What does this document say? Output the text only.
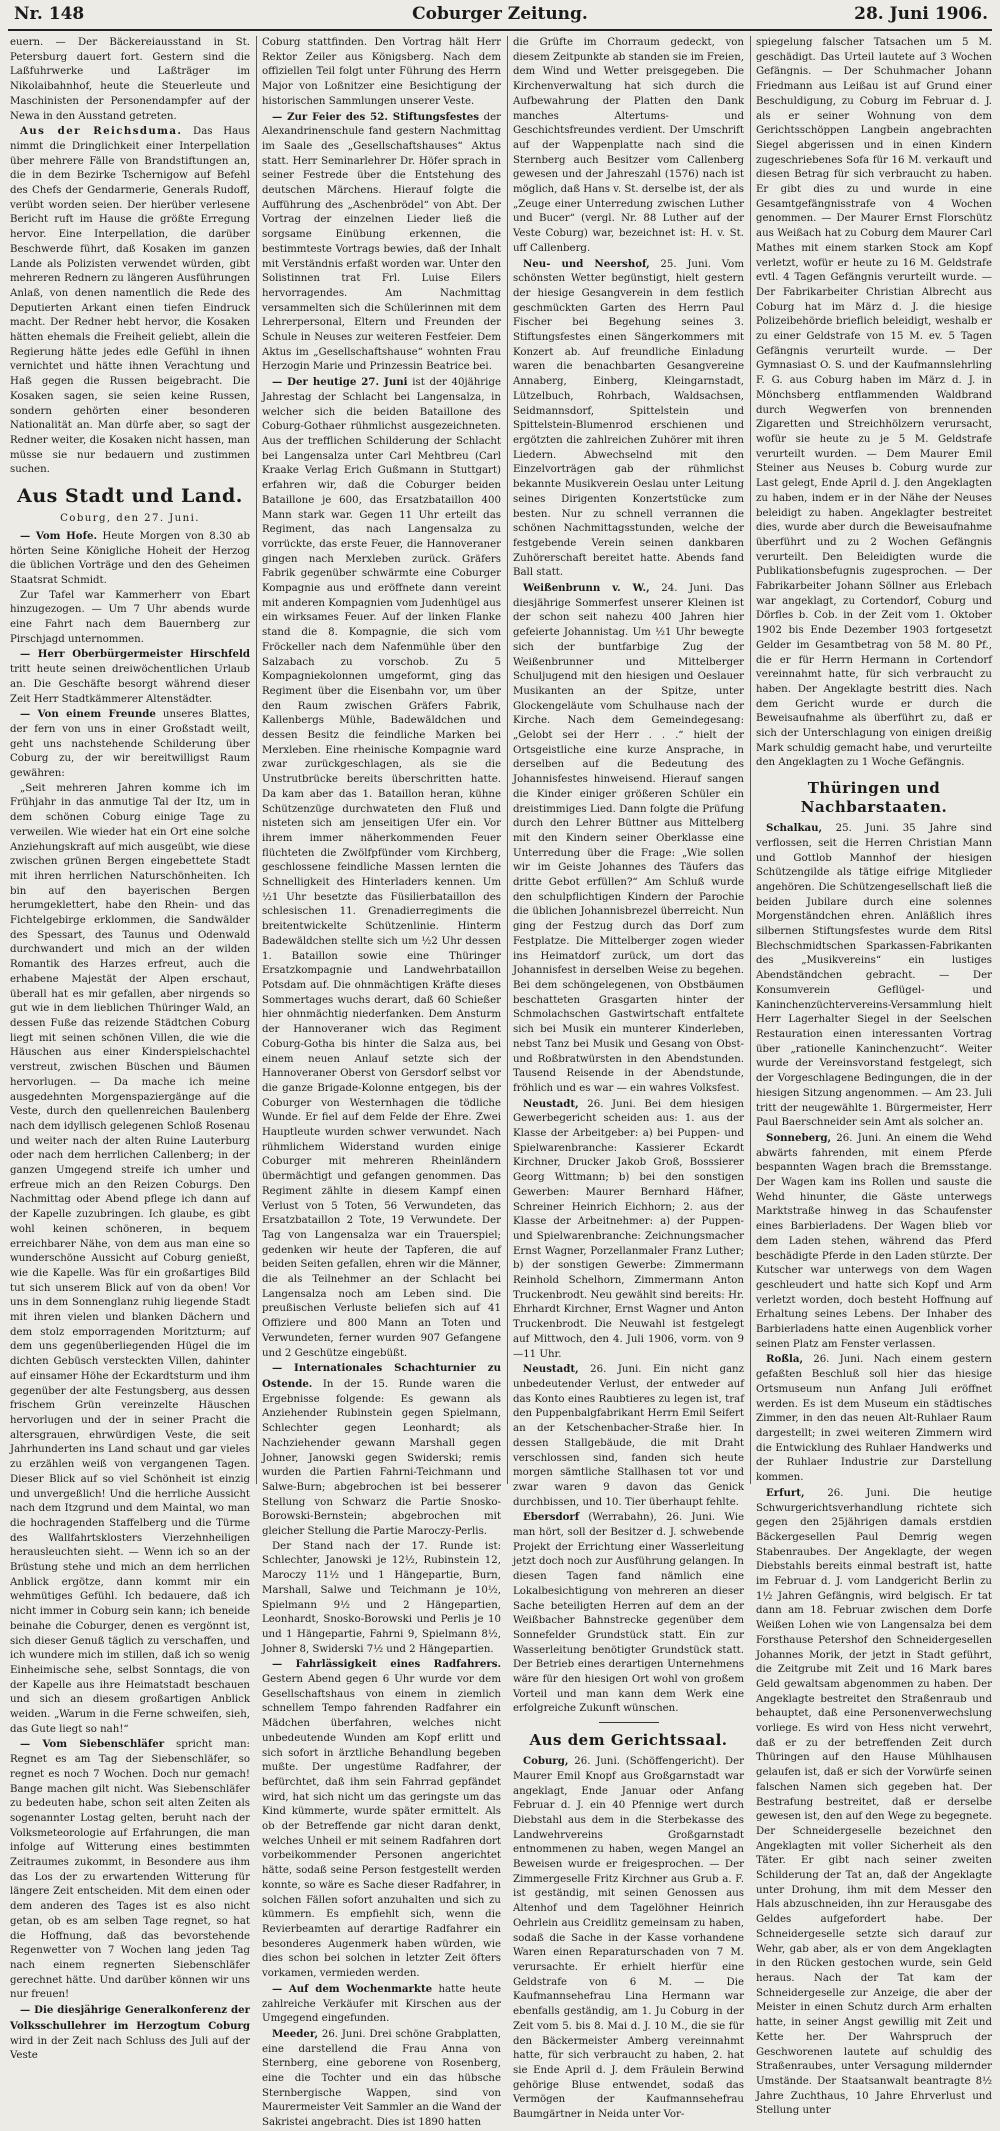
Nr. 148	Coburger Zeitung.	28. Juni 1906.

euern. — Der Bäckereiausstand in St. Petersburg dauert fort. Gestern sind die Laßfuhrwerke und Laßträger im Nikolaibahnhof, heute die Steuerleute und Maschinisten der Personendampfer auf der Newa in den Ausstand getreten.

Aus der Reichsduma. Das Haus nimmt die Dringlichkeit einer Interpellation über mehrere Fälle von Brandstiftungen an, die in dem Bezirke Tschernigow auf Befehl des Chefs der Gendarmerie, Generals Rudoff, verübt worden seien. Der hierüber verlesene Bericht ruft im Hause die größte Erregung hervor. Eine Interpellation, die darüber Beschwerde führt, daß Kosaken im ganzen Lande als Polizisten verwendet würden, gibt mehreren Rednern zu längeren Ausführungen Anlaß, von denen namentlich die Rede des Deputierten Arkant einen tiefen Eindruck macht. Der Redner hebt hervor, die Kosaken hätten ehemals die Freiheit geliebt, allein die Regierung hätte jedes edle Gefühl in ihnen vernichtet und hätte ihnen Verachtung und Haß gegen die Russen beigebracht. Die Kosaken sagen, sie seien keine Russen, sondern gehörten einer besonderen Nationalität an. Man dürfe aber, so sagt der Redner weiter, die Kosaken nicht hassen, man müsse sie nur bedauern und zustimmen suchen.

Aus Stadt und Land.
Coburg, den 27. Juni.

— Vom Hofe. Heute Morgen von 8.30 ab hörten Seine Königliche Hoheit der Herzog die üblichen Vorträge und den des Geheimen Staatsrat Schmidt.

Zur Tafel war Kammerherr von Ebart hinzugezogen. — Um 7 Uhr abends wurde eine Fahrt nach dem Bauernberg zur Pirschjagd unternommen.

— Herr Oberbürgermeister Hirschfeld tritt heute seinen dreiwöchentlichen Urlaub an. Die Geschäfte besorgt während dieser Zeit Herr Stadtkämmerer Altenstädter.

— Von einem Freunde unseres Blattes, der fern von uns in einer Großstadt weilt, geht uns nachstehende Schilderung über Coburg zu, der wir bereitwilligst Raum gewähren:

„Seit mehreren Jahren komme ich im Frühjahr in das anmutige Tal der Itz, um in dem schönen Coburg einige Tage zu verweilen. Wie wieder hat ein Ort eine solche Anziehungskraft auf mich ausgeübt, wie diese zwischen grünen Bergen eingebettete Stadt mit ihren herrlichen Naturschönheiten. Ich bin auf den bayerischen Bergen herumgeklettert, habe den Rhein- und das Fichtelgebirge erklommen, die Sandwälder des Spessart, des Taunus und Odenwald durchwandert und mich an der wilden Romantik des Harzes erfreut, auch die erhabene Majestät der Alpen erschaut, überall hat es mir gefallen, aber nirgends so gut wie in dem lieblichen Thüringer Wald, an dessen Fuße das reizende Städtchen Coburg liegt mit seinen schönen Villen, die wie die Häuschen aus einer Kinderspielschachtel verstreut, zwischen Büschen und Bäumen hervorlugen. — Da mache ich meine ausgedehnten Morgenspaziergänge auf die Veste, durch den quellenreichen Baulenberg nach dem idyllisch gelegenen Schloß Rosenau und weiter nach der alten Ruine Lauterburg oder nach dem herrlichen Callenberg; in der ganzen Umgegend streife ich umher und erfreue mich an den Reizen Coburgs. Den Nachmittag oder Abend pflege ich dann auf der Kapelle zuzubringen. Ich glaube, es gibt wohl keinen schöneren, in bequem erreichbarer Nähe, von dem aus man eine so wunderschöne Aussicht auf Coburg genießt, wie die Kapelle. Was für ein großartiges Bild tut sich unserem Blick auf von da oben! Vor uns in dem Sonnenglanz ruhig liegende Stadt mit ihren vielen und blanken Dächern und dem stolz emporragenden Moritzturm; auf dem uns gegenüberliegenden Hügel die im dichten Gebüsch versteckten Villen, dahinter auf einsamer Höhe der Eckardtsturm und ihm gegenüber der alte Festungsberg, aus dessen frischem Grün vereinzelte Häuschen hervorlugen und der in seiner Pracht die altersgrauen, ehrwürdigen Veste, die seit Jahrhunderten ins Land schaut und gar vieles zu erzählen weiß von vergangenen Tagen. Dieser Blick auf so viel Schönheit ist einzig und unvergeßlich! Und die herrliche Aussicht nach dem Itzgrund und dem Maintal, wo man die hochragenden Staffelberg und die Türme des Wallfahrtsklosters Vierzehnheiligen herausleuchten sieht. — Wenn ich so an der Brüstung stehe und mich an dem herrlichen Anblick ergötze, dann kommt mir ein wehmütiges Gefühl. Ich bedauere, daß ich nicht immer in Coburg sein kann; ich beneide beinahe die Coburger, denen es vergönnt ist, sich dieser Genuß täglich zu verschaffen, und ich wundere mich im stillen, daß ich so wenig Einheimische sehe, selbst Sonntags, die von der Kapelle aus ihre Heimatstadt beschauen und sich an diesem großartigen Anblick weiden. „Warum in die Ferne schweifen, sieh, das Gute liegt so nah!“

— Vom Siebenschläfer spricht man: Regnet es am Tag der Siebenschläfer, so regnet es noch 7 Wochen. Doch nur gemach! Bange machen gilt nicht. Was Siebenschläfer zu bedeuten habe, schon seit alten Zeiten als sogenannter Lostag gelten, beruht nach der Volksmeteorologie auf Erfahrungen, die man infolge auf Witterung eines bestimmten Zeitraumes zukommt, in Besondere aus ihm das Los der zu erwartenden Witterung für längere Zeit entscheiden. Mit dem einen oder dem anderen des Tages ist es also nicht getan, ob es am selben Tage regnet, so hat die Hoffnung, daß das bevorstehende Regenwetter von 7 Wochen lang jeden Tag nach einem regnerten Siebenschläfer gerechnet hätte. Und darüber können wir uns nur freuen!

— Die diesjährige Generalkonferenz der Volksschullehrer im Herzogtum Coburg wird in der Zeit nach Schluss des Juli auf der Veste

Coburg stattfinden. Den Vortrag hält Herr Rektor Zeiler aus Königsberg. Nach dem offiziellen Teil folgt unter Führung des Herrn Major von Loßnitzer eine Besichtigung der historischen Sammlungen unserer Veste.

— Zur Feier des 52. Stiftungsfestes der Alexandrinenschule fand gestern Nachmittag im Saale des „Gesellschaftshauses“ Aktus statt. Herr Seminarlehrer Dr. Höfer sprach in seiner Festrede über die Entstehung des deutschen Märchens. Hierauf folgte die Aufführung des „Aschenbrödel“ von Abt. Der Vortrag der einzelnen Lieder ließ die sorgsame Einübung erkennen, die bestimmteste Vortrags bewies, daß der Inhalt mit Verständnis erfaßt worden war. Unter den Solistinnen trat Frl. Luise Eilers hervorragendes. Am Nachmittag versammelten sich die Schülerinnen mit dem Lehrerpersonal, Eltern und Freunden der Schule in Neuses zur weiteren Festfeier. Dem Aktus im „Gesellschaftshause“ wohnten Frau Herzogin Marie und Prinzessin Beatrice bei.

— Der heutige 27. Juni ist der 40jährige Jahrestag der Schlacht bei Langensalza, in welcher sich die beiden Bataillone des Coburg-Gothaer rühmlichst ausgezeichneten. Aus der trefflichen Schilderung der Schlacht bei Langensalza unter Carl Mehtbreu (Carl Kraake Verlag Erich Gußmann in Stuttgart) erfahren wir, daß die Coburger beiden Bataillone je 600, das Ersatzbataillon 400 Mann stark war. Gegen 11 Uhr erteilt das Regiment, das nach Langensalza zu vorrückte, das erste Feuer, die Hannoveraner gingen nach Merxleben zurück. Gräfers Fabrik gegenüber schwärmte eine Coburger Kompagnie aus und eröffnete dann vereint mit anderen Kompagnien vom Judenhügel aus ein wirksames Feuer. Auf der linken Flanke stand die 8. Kompagnie, die sich vom Fröckeller nach dem Nafenmühle über den Salzabach zu vorschob. Zu 5 Kompagniekolonnen umgeformt, ging das Regiment über die Eisenbahn vor, um über den Raum zwischen Gräfers Fabrik, Kallenbergs Mühle, Badewäldchen und dessen Besitz die feindliche Marken bei Merxleben. Eine rheinische Kompagnie ward zwar zurückgeschlagen, als sie die Unstrutbrücke bereits überschritten hatte. Da kam aber das 1. Bataillon heran, kühne Schützenzüge durchwateten den Fluß und nisteten sich am jenseitigen Ufer ein. Vor ihrem immer näherkommenden Feuer flüchteten die Zwölfpfünder vom Kirchberg, geschlossene feindliche Massen lernten die Schnelligkeit des Hinterladers kennen. Um ½1 Uhr besetzte das Füsilierbataillon des schlesischen 11. Grenadierregiments die breitentwickelte Schützenlinie. Hinterm Badewäldchen stellte sich um ½2 Uhr dessen 1. Bataillon sowie eine Thüringer Ersatzkompagnie und Landwehrbataillon Potsdam auf. Die ohnmächtigen Kräfte dieses Sommertages wuchs derart, daß 60 Schießer hier ohnmächtig niederfanken. Dem Ansturm der Hannoveraner wich das Regiment Coburg-Gotha bis hinter die Salza aus, bei einem neuen Anlauf setzte sich der Hannoveraner Oberst von Gersdorf selbst vor die ganze Brigade-Kolonne entgegen, bis der Coburger von Westernhagen die tödliche Wunde. Er fiel auf dem Felde der Ehre. Zwei Hauptleute wurden schwer verwundet. Nach rühmlichem Widerstand wurden einige Coburger mit mehreren Rheinländern übermächtigt und gefangen genommen. Das Regiment zählte in diesem Kampf einen Verlust von 5 Toten, 56 Verwundeten, das Ersatzbataillon 2 Tote, 19 Verwundete. Der Tag von Langensalza war ein Trauerspiel; gedenken wir heute der Tapferen, die auf beiden Seiten gefallen, ehren wir die Männer, die als Teilnehmer an der Schlacht bei Langensalza noch am Leben sind. Die preußischen Verluste beliefen sich auf 41 Offiziere und 800 Mann an Toten und Verwundeten, ferner wurden 907 Gefangene und 2 Geschütze eingebüßt.

— Internationales Schachturnier zu Ostende. In der 15. Runde waren die Ergebnisse folgende: Es gewann als Anziehender Rubinstein gegen Spielmann, Schlechter gegen Leonhardt; als Nachziehender gewann Marshall gegen Johner, Janowski gegen Swiderski; remis wurden die Partien Fahrni-Teichmann und Salwe-Burn; abgebrochen ist bei besserer Stellung von Schwarz die Partie Snosko-Borowski-Bernstein; abgebrochen mit gleicher Stellung die Partie Maroczy-Perlis.

Der Stand nach der 17. Runde ist: Schlechter, Janowski je 12½, Rubinstein 12, Maroczy 11½ und 1 Hängepartie, Burn, Marshall, Salwe und Teichmann je 10½, Spielmann 9½ und 2 Hängepartien, Leonhardt, Snosko-Borowski und Perlis je 10 und 1 Hängepartie, Fahrni 9, Spielmann 8½, Johner 8, Swiderski 7½ und 2 Hängepartien.

— Fahrlässigkeit eines Radfahrers. Gestern Abend gegen 6 Uhr wurde vor dem Gesellschaftshaus von einem in ziemlich schnellem Tempo fahrenden Radfahrer ein Mädchen überfahren, welches nicht unbedeutende Wunden am Kopf erlitt und sich sofort in ärztliche Behandlung begeben mußte. Der ungestüme Radfahrer, der befürchtet, daß ihm sein Fahrrad gepfändet wird, hat sich nicht um das geringste um das Kind kümmerte, wurde später ermittelt. Als ob der Betreffende gar nicht daran denkt, welches Unheil er mit seinem Radfahren dort vorbeikommender Personen angerichtet hätte, sodaß seine Person festgestellt werden konnte, so wäre es Sache dieser Radfahrer, in solchen Fällen sofort anzuhalten und sich zu kümmern. Es empfiehlt sich, wenn die Revierbeamten auf derartige Radfahrer ein besonderes Augenmerk haben würden, wie dies schon bei solchen in letzter Zeit öfters vorkamen, vermieden werden.

— Auf dem Wochenmarkte hatte heute zahlreiche Verkäufer mit Kirschen aus der Umgegend eingefunden.

Meeder, 26. Juni. Drei schöne Grabplatten, eine darstellend die Frau Anna von Sternberg, eine geborene von Rosenberg, eine die Tochter und ein das hübsche Sternbergische Wappen, sind von Maurermeister Veit Sammler an die Wand der Sakristei angebracht. Dies ist 1890 hatten

die Grüfte im Chorraum gedeckt, von diesem Zeitpunkte ab standen sie im Freien, dem Wind und Wetter preisgegeben. Die Kirchenverwaltung hat sich durch die Aufbewahrung der Platten den Dank manches Altertums- und Geschichtsfreundes verdient. Der Umschrift auf der Wappenplatte nach sind die Sternberg auch Besitzer vom Callenberg gewesen und der Jahreszahl (1576) nach ist möglich, daß Hans v. St. derselbe ist, der als „Zeuge einer Unterredung zwischen Luther und Bucer“ (vergl. Nr. 88 Luther auf der Veste Coburg) war, bezeichnet ist: H. v. St. uff Callenberg.

Neu- und Neershof, 25. Juni. Vom schönsten Wetter begünstigt, hielt gestern der hiesige Gesangverein in dem festlich geschmückten Garten des Herrn Paul Fischer bei Begehung seines 3. Stiftungsfestes einen Sängerkommers mit Konzert ab. Auf freundliche Einladung waren die benachbarten Gesangvereine Annaberg, Einberg, Kleingarnstadt, Lützelbuch, Rohrbach, Waldsachsen, Seidmannsdorf, Spittelstein und Spittelstein-Blumenrod erschienen und ergötzten die zahlreichen Zuhörer mit ihren Liedern. Abwechselnd mit den Einzelvorträgen gab der rühmlichst bekannte Musikverein Oeslau unter Leitung seines Dirigenten Konzertstücke zum besten. Nur zu schnell verrannen die schönen Nachmittagsstunden, welche der festgebende Verein seinen dankbaren Zuhörerschaft bereitet hatte. Abends fand Ball statt.

Weißenbrunn v. W., 24. Juni. Das diesjährige Sommerfest unserer Kleinen ist der schon seit nahezu 400 Jahren hier gefeierte Johannistag. Um ½1 Uhr bewegte sich der buntfarbige Zug der Weißenbrunner und Mittelberger Schuljugend mit den hiesigen und Oeslauer Musikanten an der Spitze, unter Glockengeläute vom Schulhause nach der Kirche. Nach dem Gemeindegesang: „Gelobt sei der Herr . . .“ hielt der Ortsgeistliche eine kurze Ansprache, in derselben auf die Bedeutung des Johannisfestes hinweisend. Hierauf sangen die Kinder einiger größeren Schüler ein dreistimmiges Lied. Dann folgte die Prüfung durch den Lehrer Büttner aus Mittelberg mit den Kindern seiner Oberklasse eine Unterredung über die Frage: „Wie sollen wir im Geiste Johannes des Täufers das dritte Gebot erfüllen?“ Am Schluß wurde den schulpflichtigen Kindern der Parochie die üblichen Johannisbrezel überreicht. Nun ging der Festzug durch das Dorf zum Festplatze. Die Mittelberger zogen wieder ins Heimatdorf zurück, um dort das Johannisfest in derselben Weise zu begehen. Bei dem schöngelegenen, von Obstbäumen beschatteten Grasgarten hinter der Schmolachschen Gastwirtschaft entfaltete sich bei Musik ein munterer Kinderleben, nebst Tanz bei Musik und Gesang von Obst- und Roßbratwürsten in den Abendstunden. Tausend Reisende in der Abendstunde, fröhlich und es war — ein wahres Volksfest.

Neustadt, 26. Juni. Bei dem hiesigen Gewerbegericht scheiden aus: 1. aus der Klasse der Arbeitgeber: a) bei Puppen- und Spielwarenbranche: Kassierer Eckardt Kirchner, Drucker Jakob Groß, Bosssierer Georg Wittmann; b) bei den sonstigen Gewerben: Maurer Bernhard Häfner, Schreiner Heinrich Eichhorn; 2. aus der Klasse der Arbeitnehmer: a) der Puppen- und Spielwarenbranche: Zeichnungsmacher Ernst Wagner, Porzellanmaler Franz Luther; b) der sonstigen Gewerbe: Zimmermann Reinhold Schelhorn, Zimmermann Anton Truckenbrodt. Neu gewählt sind bereits: Hr. Ehrhardt Kirchner, Ernst Wagner und Anton Truckenbrodt. Die Neuwahl ist festgelegt auf Mittwoch, den 4. Juli 1906, vorm. von 9—11 Uhr.

Neustadt, 26. Juni. Ein nicht ganz unbedeutender Verlust, der entweder auf das Konto eines Raubtieres zu legen ist, traf den Puppenbalgfabrikant Herrn Emil Seifert an der Ketschenbacher-Straße hier. In dessen Stallgebäude, die mit Draht verschlossen sind, fanden sich heute morgen sämtliche Stallhasen tot vor und zwar waren 9 davon das Genick durchbissen, und 10. Tier überhaupt fehlte.

Ebersdorf (Werrabahn), 26. Juni. Wie man hört, soll der Besitzer d. J. schwebende Projekt der Errichtung einer Wasserleitung jetzt doch noch zur Ausführung gelangen. In diesen Tagen fand nämlich eine Lokalbesichtigung von mehreren an dieser Sache beteiligten Herren auf dem an der Weißbacher Bahnstrecke gegenüber dem Sonnefelder Grundstück statt. Ein zur Wasserleitung benötigter Grundstück statt. Der Betrieb eines derartigen Unternehmens wäre für den hiesigen Ort wohl von großem Vorteil und man kann dem Werk eine erfolgreiche Zukunft wünschen.

Aus dem Gerichtssaal.

Coburg, 26. Juni. (Schöffengericht). Der Maurer Emil Knopf aus Großgarnstadt war angeklagt, Ende Januar oder Anfang Februar d. J. ein 40 Pfennige wert durch Diebstahl aus dem in die Sterbekasse des Landwehrvereins Großgarnstadt entnommenen zu haben, wegen Mangel an Beweisen wurde er freigesprochen. — Der Zimmergeselle Fritz Kirchner aus Grub a. F. ist geständig, mit seinen Genossen aus Altenhof und dem Tagelöhner Heinrich Oehrlein aus Creidlitz gemeinsam zu haben, sodaß die Sache in der Kasse vorhandene Waren einen Reparaturschaden von 7 M. verursachte. Er erhielt hierfür eine Geldstrafe von 6 M. — Die Kaufmannsehefrau Lina Hermann war ebenfalls geständig, am 1. Ju Coburg in der Zeit vom 5. bis 8. Mai d. J. 10 M., die sie für den Bäckermeister Amberg vereinnahmt hatte, für sich verbraucht zu haben, 2. hat sie Ende April d. J. dem Fräulein Berwind gehörige Bluse entwendet, sodaß das Vermögen der Kaufmannsehefrau Baumgärtner in Neida unter Vor-

spiegelung falscher Tatsachen um 5 M. geschädigt. Das Urteil lautete auf 3 Wochen Gefängnis. — Der Schuhmacher Johann Friedmann aus Leißau ist auf Grund einer Beschuldigung, zu Coburg im Februar d. J. als er seiner Wohnung von dem Gerichtsschöppen Langbein angebrachten Siegel abgerissen und in einen Kindern zugeschriebenes Sofa für 16 M. verkauft und diesen Betrag für sich verbraucht zu haben. Er gibt dies zu und wurde in eine Gesamtgefängnisstrafe von 4 Wochen genommen. — Der Maurer Ernst Florschütz aus Weißach hat zu Coburg dem Maurer Carl Mathes mit einem starken Stock am Kopf verletzt, wofür er heute zu 16 M. Geldstrafe evtl. 4 Tagen Gefängnis verurteilt wurde. — Der Fabrikarbeiter Christian Albrecht aus Coburg hat im März d. J. die hiesige Polizeibehörde brieflich beleidigt, weshalb er zu einer Geldstrafe von 15 M. ev. 5 Tagen Gefängnis verurteilt wurde. — Der Gymnasiast O. S. und der Kaufmannslehrling F. G. aus Coburg haben im März d. J. in Mönchsberg entflammenden Waldbrand durch Wegwerfen von brennenden Zigaretten und Streichhölzern verursacht, wofür sie heute zu je 5 M. Geldstrafe verurteilt wurden. — Dem Maurer Emil Steiner aus Neuses b. Coburg wurde zur Last gelegt, Ende April d. J. den Angeklagten zu haben, indem er in der Nähe der Neuses beleidigt zu haben. Angeklagter bestreitet dies, wurde aber durch die Beweisaufnahme überführt und zu 2 Wochen Gefängnis verurteilt. Den Beleidigten wurde die Publikationsbefugnis zugesprochen. — Der Fabrikarbeiter Johann Söllner aus Erlebach war angeklagt, zu Cortendorf, Coburg und Dörfles b. Cob. in der Zeit vom 1. Oktober 1902 bis Ende Dezember 1903 fortgesetzt Gelder im Gesamtbetrag von 58 M. 80 Pf., die er für Herrn Hermann in Cortendorf vereinnahmt hatte, für sich verbraucht zu haben. Der Angeklagte bestritt dies. Nach dem Gericht wurde er durch die Beweisaufnahme als überführt zu, daß er sich der Unterschlagung von einigen dreißig Mark schuldig gemacht habe, und verurteilte den Angeklagten zu 1 Woche Gefängnis.

Thüringen und Nachbarstaaten.

Schalkau, 25. Juni. 35 Jahre sind verflossen, seit die Herren Christian Mann und Gottlob Mannhof der hiesigen Schützengilde als tätige eifrige Mitglieder angehören. Die Schützengesellschaft ließ die beiden Jubilare durch eine solennes Morgenständchen ehren. Anläßlich ihres silbernen Stiftungsfestes wurde dem Ritsl Blechschmidtschen Sparkassen-Fabrikanten des „Musikvereins“ ein lustiges Abendständchen gebracht. — Der Konsumverein Geflügel- und Kaninchenzüchtervereins-Versammlung hielt Herr Lagerhalter Siegel in der Seelschen Restauration einen interessanten Vortrag über „rationelle Kaninchenzucht“. Weiter wurde der Vereinsvorstand festgelegt, sich der Vorgeschlagene Bedingungen, die in der hiesigen Sitzung angenommen. — Am 23. Juli tritt der neugewählte 1. Bürgermeister, Herr Paul Baerschneider sein Amt als solcher an.

Sonneberg, 26. Juni. An einem die Wehd abwärts fahrenden, mit einem Pferde bespannten Wagen brach die Bremsstange. Der Wagen kam ins Rollen und sauste die Wehd hinunter, die Gäste unterwegs Marktstraße hinweg in das Schaufenster eines Barbierladens. Der Wagen blieb vor dem Laden stehen, während das Pferd beschädigte Pferde in den Laden stürzte. Der Kutscher war unterwegs von dem Wagen geschleudert und hatte sich Kopf und Arm verletzt worden, doch besteht Hoffnung auf Erhaltung seines Lebens. Der Inhaber des Barbierladens hatte einen Augenblick vorher seinen Platz am Fenster verlassen.

Roßla, 26. Juni. Nach einem gestern gefaßten Beschluß soll hier das hiesige Ortsmuseum nun Anfang Juli eröffnet werden. Es ist dem Museum ein städtisches Zimmer, in den das neuen Alt-Ruhlaer Raum dargestellt; in zwei weiteren Zimmern wird die Entwicklung des Ruhlaer Handwerks und der Ruhlaer Industrie zur Darstellung kommen.

Erfurt, 26. Juni. Die heutige Schwurgerichtsverhandlung richtete sich gegen den 25jährigen damals erstdien Bäckergesellen Paul Demrig wegen Stabenraubes. Der Angeklagte, der wegen Diebstahls bereits einmal bestraft ist, hatte im Februar d. J. vom Landgericht Berlin zu 1½ Jahren Gefängnis, wird belgisch. Er tat dann am 18. Februar zwischen dem Dorfe Weißen Lohen wie von Langensalza bei dem Forsthause Petershof den Schneidergesellen Johannes Morik, der jetzt in Stadt geführt, die Zeitgrube mit Zeit und 16 Mark bares Geld gewaltsam abgenommen zu haben. Der Angeklagte bestreitet den Straßenraub und behauptet, daß eine Personenverwechslung vorliege. Es wird von Hess nicht verwehrt, daß er zu der betreffenden Zeit durch Thüringen auf den Hause Mühlhausen gelaufen ist, daß er sich der Vorwürfe seinen falschen Namen sich gegeben hat. Der Bestrafung bestreitet, daß er derselbe gewesen ist, den auf den Wege zu begegnete. Der Schneidergeselle bezeichnet den Angeklagten mit voller Sicherheit als den Täter. Er gibt nach seiner zweiten Schilderung der Tat an, daß der Angeklagte unter Drohung, ihm mit dem Messer den Hals abzuschneiden, ihn zur Herausgabe des Geldes aufgefordert habe. Der Schneidergeselle setzte sich darauf zur Wehr, gab aber, als er von dem Angeklagten in den Rücken gestochen wurde, sein Geld heraus. Nach der Tat kam der Schneidergeselle zur Anzeige, die aber der Meister in einen Schutz durch Arm erhalten hatte, in seiner Angst gewillig mit Zeit und Kette her. Der Wahrspruch der Geschworenen lautete auf schuldig des Straßenraubes, unter Versagung mildernder Umstände. Der Staatsanwalt beantragte 8½ Jahre Zuchthaus, 10 Jahre Ehrverlust und Stellung unter
